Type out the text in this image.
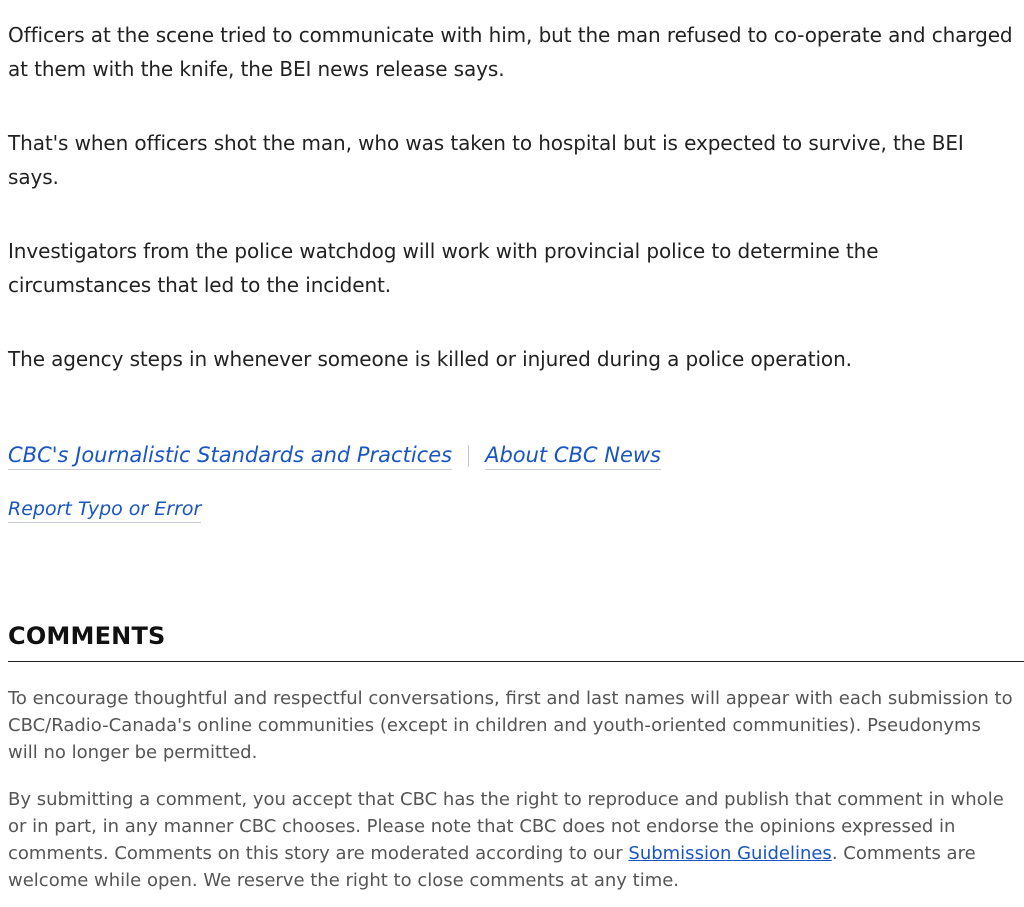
Officers at the scene tried to communicate with him, but the man refused to co-operate and charged at them with the knife, the BEI news release says.

That's when officers shot the man, who was taken to hospital but is expected to survive, the BEI says.

Investigators from the police watchdog will work with provincial police to determine the circumstances that led to the incident.

The agency steps in whenever someone is killed or injured during a police operation.

CBC's Journalistic Standards and Practices About CBC News
Report Typo or Error
COMMENTS

To encourage thoughtful and respectful conversations, first and last names will appear with each submission to CBC/Radio-Canada's online communities (except in children and youth-oriented communities). Pseudonyms will no longer be permitted.

By submitting a comment, you accept that CBC has the right to reproduce and publish that comment in whole or in part, in any manner CBC chooses. Please note that CBC does not endorse the opinions expressed in comments. Comments on this story are moderated according to our Submission Guidelines. Comments are welcome while open. We reserve the right to close comments at any time.
